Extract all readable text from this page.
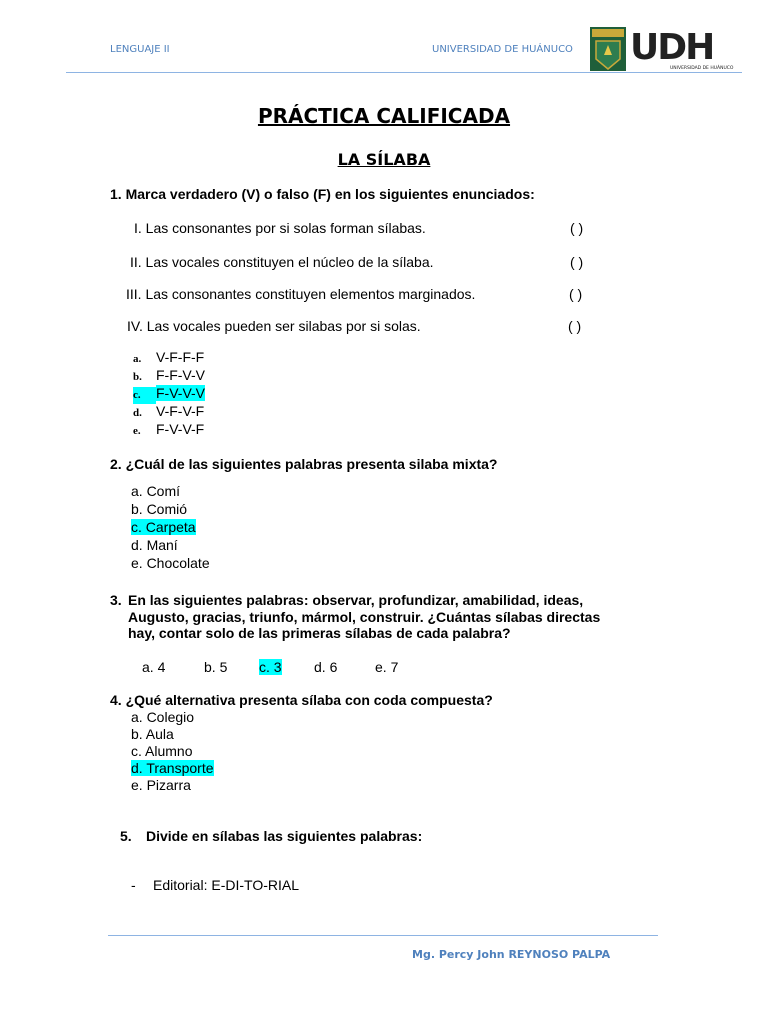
LENGUAJE II	UNIVERSIDAD DE HUÁNUCO UDH
UNIVERSIDAD DE HUÁNUCO
PRÁCTICA CALIFICADA
LA SÍLABA
1. Marca verdadero (V) o falso (F) en los siguientes enunciados:
I. Las consonantes por si solas forman sílabas.	( )
II. Las vocales constituyen el núcleo de la sílaba.	( )
III. Las consonantes constituyen elementos marginados.	( )
IV. Las vocales pueden ser silabas por si solas.	( )
a. V-F-F-F
b. F-F-V-V
c. F-V-V-V
d. V-F-V-F
e. F-V-V-F
2. ¿Cuál de las siguientes palabras presenta silaba mixta?
a. Comí
b. Comió
c. Carpeta
d. Maní
e. Chocolate
3. En las siguientes palabras: observar, profundizar, amabilidad, ideas,
Augusto, gracias, triunfo, mármol, construir. ¿Cuántas sílabas directas
hay, contar solo de las primeras sílabas de cada palabra?
a. 4	b. 5 c. 3 d. 6	e. 7
4. ¿Qué alternativa presenta sílaba con coda compuesta?
a. Colegio
b. Aula
c. Alumno
d. Transporte
e. Pizarra
5. Divide en sílabas las siguientes palabras:
- Editorial: E-DI-TO-RIAL
Mg. Percy John REYNOSO PALPA
